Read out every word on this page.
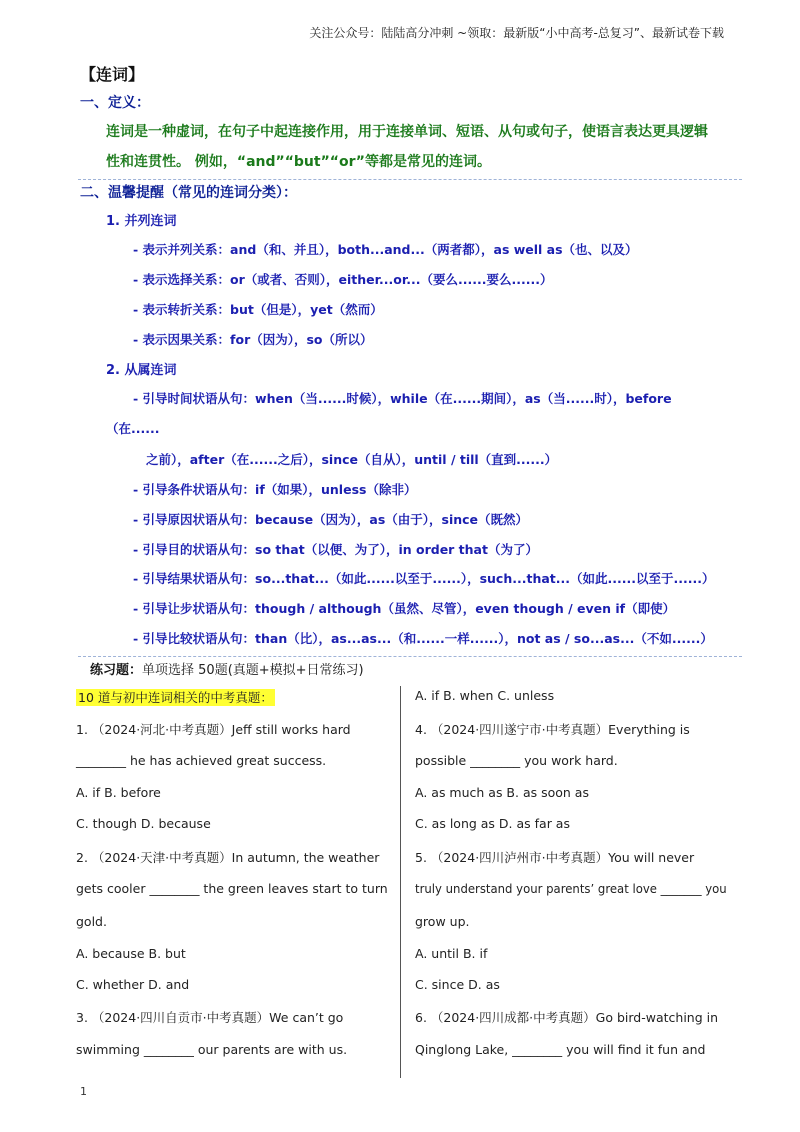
关注公众号：陆陆高分冲刺 ~领取：最新版“小中高考-总复习”、最新试卷下载
【连词】
一、定义：
连词是一种虚词，在句子中起连接作用，用于连接单词、短语、从句或句子，使语言表达更具逻辑
性和连贯性。 例如，“and”“but”“or”等都是常见的连词。
二、温馨提醒（常见的连词分类）：
1. 并列连词
- 表示并列关系：and（和、并且），both...and...（两者都），as well as（也、以及）
- 表示选择关系：or（或者、否则），either...or...（要么......要么......）
- 表示转折关系：but（但是），yet（然而）
- 表示因果关系：for（因为），so（所以）
2. 从属连词
- 引导时间状语从句：when（当......时候），while（在......期间），as（当......时），before
（在......
之前），after（在......之后），since（自从），until / till（直到......）
- 引导条件状语从句：if（如果），unless（除非）
- 引导原因状语从句：because（因为），as（由于），since（既然）
- 引导目的状语从句：so that（以便、为了），in order that（为了）
- 引导结果状语从句：so...that...（如此......以至于......），such...that...（如此......以至于......）
- 引导让步状语从句：though / although（虽然、尽管），even though / even if（即使）
- 引导比较状语从句：than（比），as...as...（和......一样......），not as / so...as...（不如......）
练习题：单项选择 50题(真题+模拟+日常练习)
10 道与初中连词相关的中考真题：
1. （2024·河北·中考真题）Jeff still works hard
________ he has achieved great success.
A. if B. before
C. though D. because
2. （2024·天津·中考真题）In autumn, the weather
gets cooler ________ the green leaves start to turn
gold.
A. because B. but
C. whether D. and
3. （2024·四川自贡市·中考真题）We can’t go
swimming ________ our parents are with us.
A. if B. when C. unless
4. （2024·四川遂宁市·中考真题）Everything is
possible ________ you work hard.
A. as much as B. as soon as
C. as long as D. as far as
5. （2024·四川泸州市·中考真题）You will never
truly understand your parents’ great love _______ you
grow up.
A. until B. if
C. since D. as
6. （2024·四川成都·中考真题）Go bird-watching in
Qinglong Lake, ________ you will find it fun and
1
